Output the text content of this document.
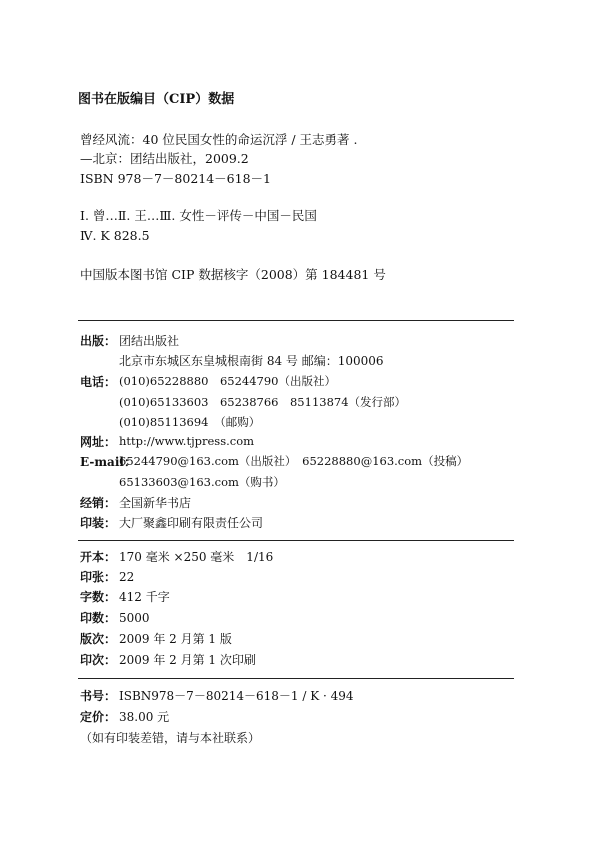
图书在版编目（CIP）数据
曾经风流：40 位民国女性的命运沉浮 / 王志勇著 .
—北京：团结出版社，2009.2
ISBN 978－7－80214－618－1
Ⅰ. 曾…Ⅱ. 王…Ⅲ. 女性－评传－中国－民国
Ⅳ. K 828.5
中国版本图书馆 CIP 数据核字（2008）第 184481 号
出版： 团结出版社
北京市东城区东皇城根南街 84 号 邮编：100006
电话： (010)65228880　65244790（出版社）
(010)65133603　65238766　85113874（发行部）
(010)85113694　（邮购）
网址： http://www.tjpress.com
E-mail：
65244790@163.com（出版社）　65228880@163.com（投稿）
65133603@163.com（购书）
经销： 全国新华书店
印装： 大厂聚鑫印刷有限责任公司
开本： 170 毫米 ×250 毫米　1/16
印张： 22
字数： 412 千字
印数： 5000
版次： 2009 年 2 月第 1 版
印次： 2009 年 2 月第 1 次印刷
书号： ISBN978－7－80214－618－1 / K · 494
定价： 38.00 元
（如有印装差错，请与本社联系）
